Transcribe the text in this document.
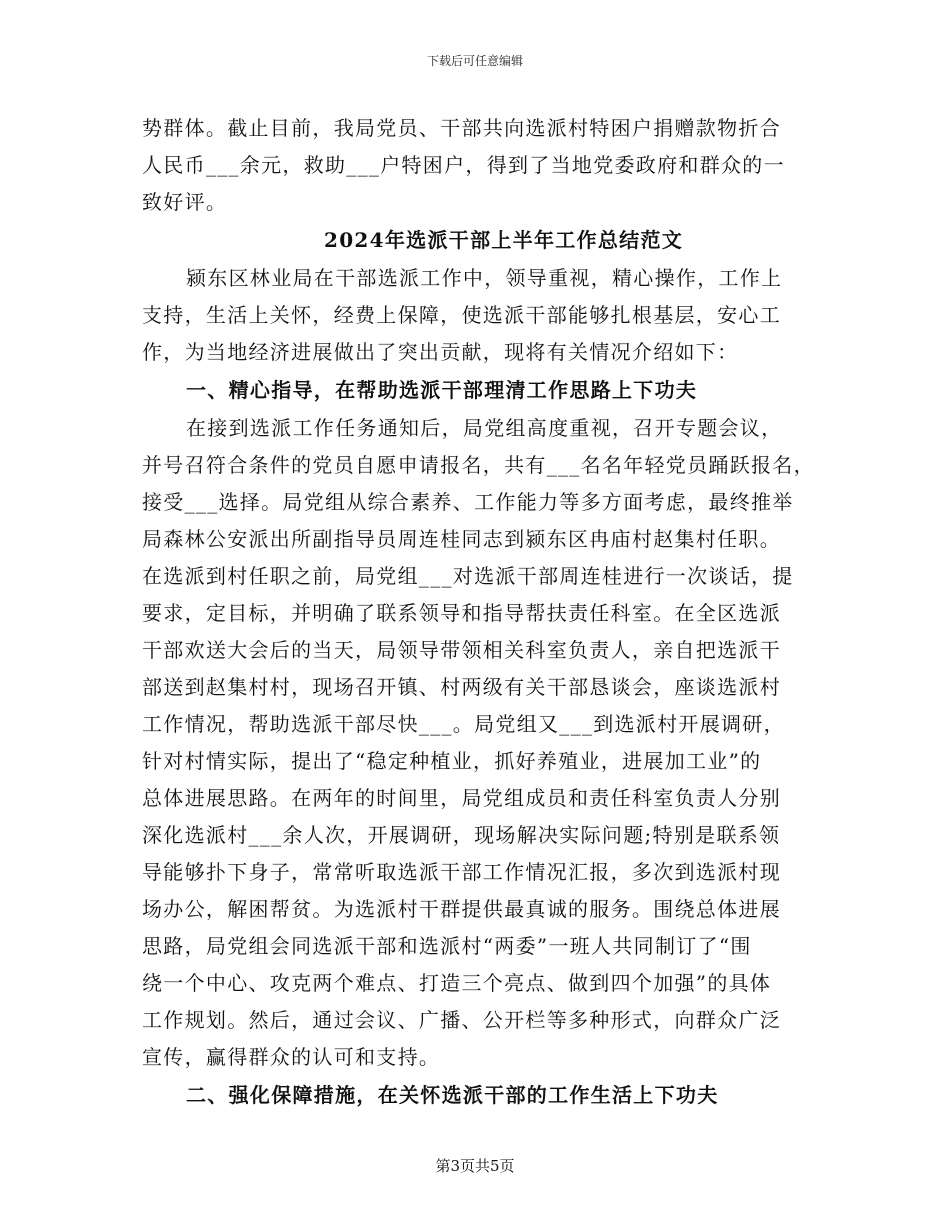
下载后可任意编辑
势群体。截止目前，我局党员、干部共向选派村特困户捐赠款物折合
人民币___余元，救助___户特困户，得到了当地党委政府和群众的一
致好评。
2024年选派干部上半年工作总结范文
颍东区林业局在干部选派工作中，领导重视，精心操作，工作上
支持，生活上关怀，经费上保障，使选派干部能够扎根基层，安心工
作，为当地经济进展做出了突出贡献，现将有关情况介绍如下：
一、精心指导，在帮助选派干部理清工作思路上下功夫
在接到选派工作任务通知后，局党组高度重视，召开专题会议，
并号召符合条件的党员自愿申请报名，共有___名名年轻党员踊跃报名，
接受___选择。局党组从综合素养、工作能力等多方面考虑，最终推举
局森林公安派出所副指导员周连桂同志到颍东区冉庙村赵集村任职。
在选派到村任职之前，局党组___对选派干部周连桂进行一次谈话，提
要求，定目标，并明确了联系领导和指导帮扶责任科室。在全区选派
干部欢送大会后的当天，局领导带领相关科室负责人，亲自把选派干
部送到赵集村村，现场召开镇、村两级有关干部恳谈会，座谈选派村
工作情况，帮助选派干部尽快___。局党组又___到选派村开展调研，
针对村情实际，提出了“稳定种植业，抓好养殖业，进展加工业”的
总体进展思路。在两年的时间里，局党组成员和责任科室负责人分别
深化选派村___余人次，开展调研，现场解决实际问题;特别是联系领
导能够扑下身子，常常听取选派干部工作情况汇报，多次到选派村现
场办公，解困帮贫。为选派村干群提供最真诚的服务。围绕总体进展
思路，局党组会同选派干部和选派村“两委”一班人共同制订了“围
绕一个中心、攻克两个难点、打造三个亮点、做到四个加强”的具体
工作规划。然后，通过会议、广播、公开栏等多种形式，向群众广泛
宣传，赢得群众的认可和支持。
二、强化保障措施，在关怀选派干部的工作生活上下功夫
第3页共5页
